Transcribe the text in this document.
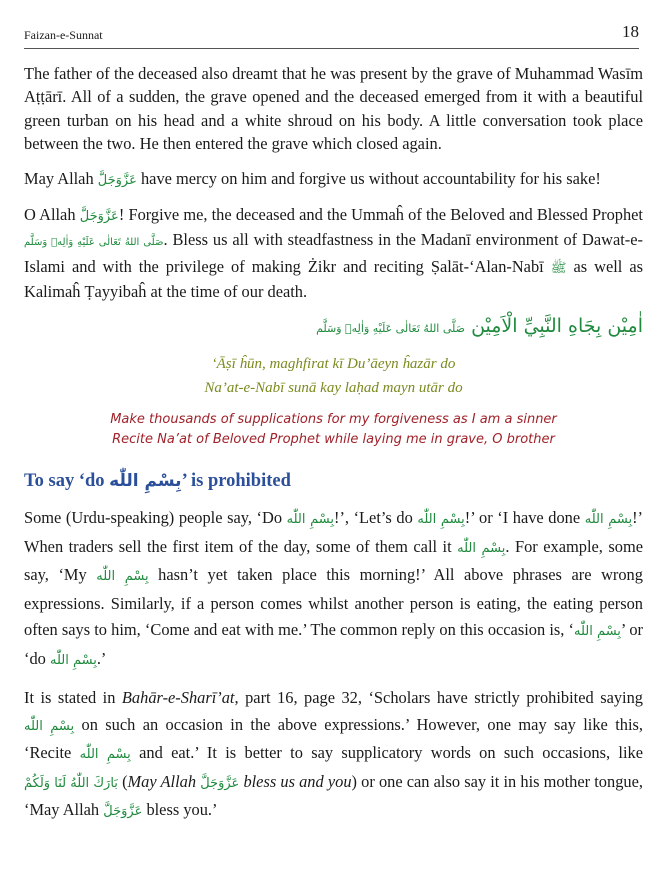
Faizan-e-Sunnat	18

The father of the deceased also dreamt that he was present by the grave of Muhammad Wasīm Aṭṭārī. All of a sudden, the grave opened and the deceased emerged from it with a beautiful green turban on his head and a white shroud on his body. A little conversation took place between the two. He then entered the grave which closed again.

May Allah عَزَّوَجَلَّ have mercy on him and forgive us without accountability for his sake!

O Allah عَزَّوَجَلَّ! Forgive me, the deceased and the Ummaĥ of the Beloved and Blessed Prophet صَلَّى اللهُ تَعَالٰى عَلَيْهِ وَاٰلِهٖ وَسَلَّم. Bless us all with steadfastness in the Madanī environment of Dawat-e-Islami and with the privilege of making Żikr and reciting Ṣalāt-‘Alan-Nabī ﷺ as well as Kalimaĥ Ṭayyibaĥ at the time of our death.

اٰمِيْن بِجَاهِ النَّبِيِّ الْاَمِيْن صَلَّى اللهُ تَعَالٰى عَلَيْهِ وَاٰلِهٖ وَسَلَّم
‘Āṣī ĥūn, maghfirat kī Du’āeyn ĥazār do
Na’at-e-Nabī sunā kay laḥad mayn utār do
Make thousands of supplications for my forgiveness as I am a sinner
Recite Na’at of Beloved Prophet while laying me in grave, O brother
To say ‘do بِسْمِ اللّٰه’ is prohibited

Some (Urdu-speaking) people say, ‘Do بِسْمِ اللّٰه!’, ‘Let’s do بِسْمِ اللّٰه!’ or ‘I have done بِسْمِ اللّٰه!’ When traders sell the first item of the day, some of them call it بِسْمِ اللّٰه. For example, some say, ‘My بِسْمِ اللّٰه hasn’t yet taken place this morning!’ All above phrases are wrong expressions. Similarly, if a person comes whilst another person is eating, the eating person often says to him, ‘Come and eat with me.’ The common reply on this occasion is, ‘بِسْمِ اللّٰه’ or ‘do بِسْمِ اللّٰه.’

It is stated in Bahār-e-Sharī’at, part 16, page 32, ‘Scholars have strictly prohibited saying بِسْمِ اللّٰه on such an occasion in the above expressions.’ However, one may say like this, ‘Recite بِسْمِ اللّٰه and eat.’ It is better to say supplicatory words on such occasions, like بَارَكَ اللّٰهُ لَنَا وَلَكُمْ (May Allah عَزَّوَجَلَّ bless us and you) or one can also say it in his mother tongue, ‘May Allah عَزَّوَجَلَّ bless you.’
